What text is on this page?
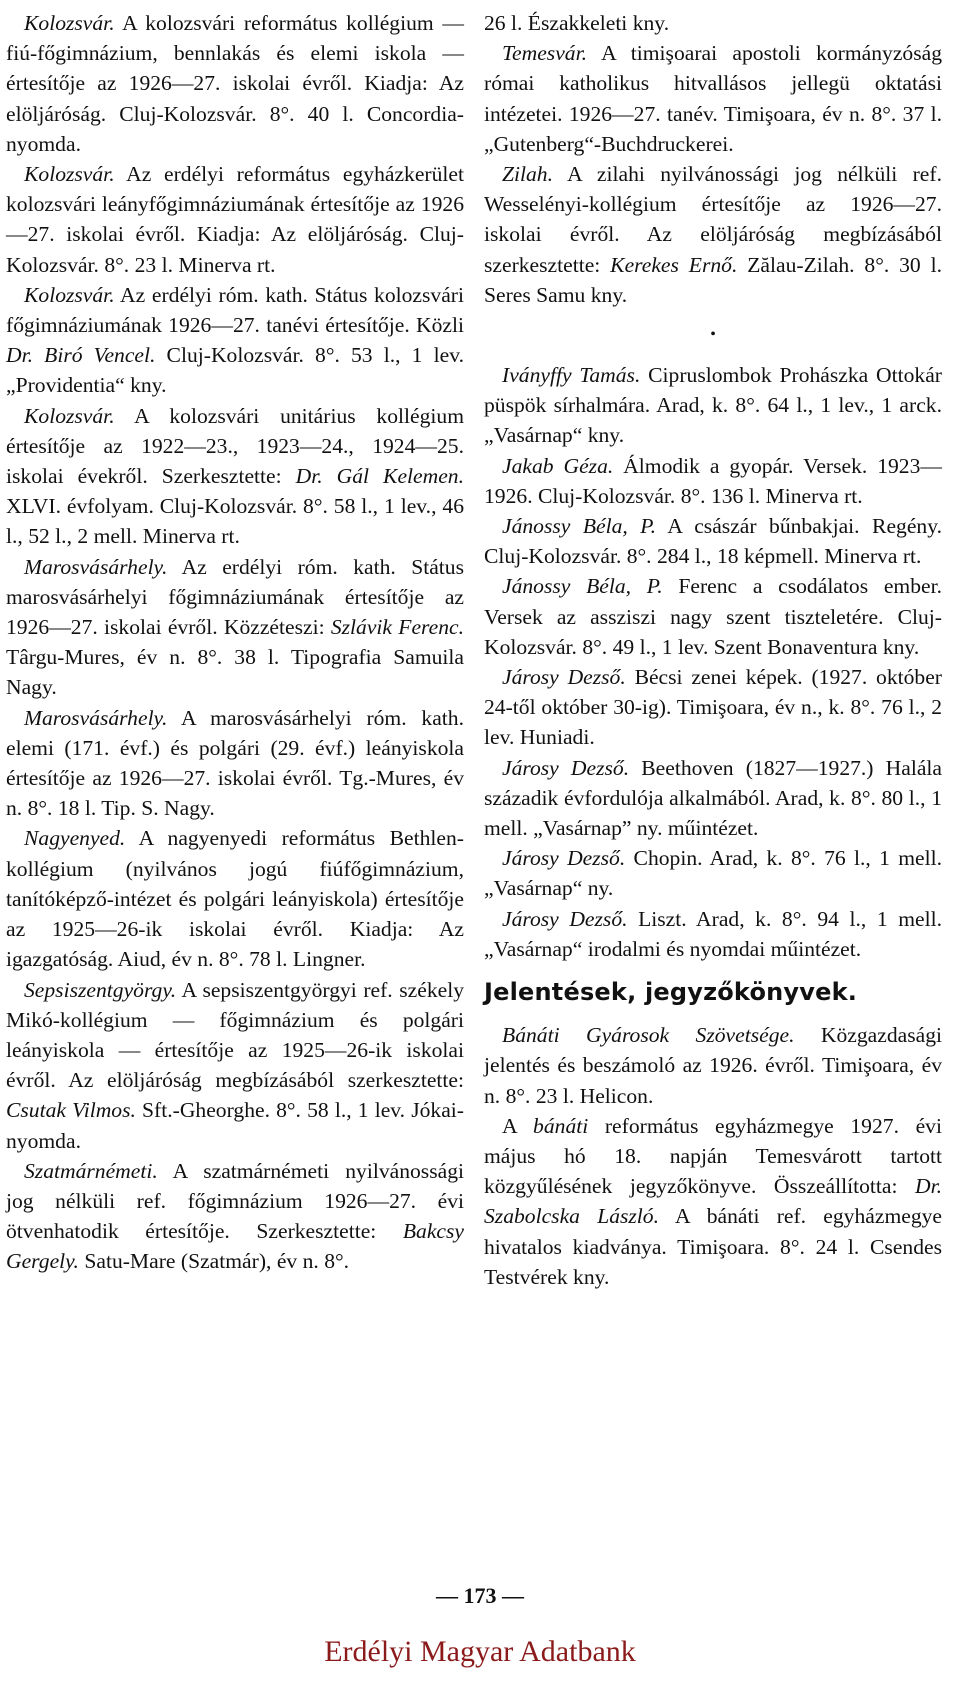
Kolozsvár. A kolozsvári református kollégium — fiú-főgimnázium, bennlakás és elemi iskola — értesítője az 1926—27. iskolai évről. Kiadja: Az elöljáróság. Cluj-Kolozsvár. 8°. 40 l. Concordia-nyomda.

Kolozsvár. Az erdélyi református egyházkerület kolozsvári leányfőgimnáziumának értesítője az 1926—27. iskolai évről. Kiadja: Az elöljáróság. Cluj-Kolozsvár. 8°. 23 l. Minerva rt.

Kolozsvár. Az erdélyi róm. kath. Státus kolozsvári főgimnáziumának 1926—27. tanévi értesítője. Közli Dr. Biró Vencel. Cluj-Kolozsvár. 8°. 53 l., 1 lev. „Providentia“ kny.

Kolozsvár. A kolozsvári unitárius kollégium értesítője az 1922—23., 1923—24., 1924—25. iskolai évekről. Szerkesztette: Dr. Gál Kelemen. XLVI. évfolyam. Cluj-Kolozsvár. 8°. 58 l., 1 lev., 46 l., 52 l., 2 mell. Minerva rt.

Marosvásárhely. Az erdélyi róm. kath. Státus marosvásárhelyi főgimnáziumának értesítője az 1926—27. iskolai évről. Közzéteszi: Szlávik Ferenc. Târgu-Mures, év n. 8°. 38 l. Tipografia Samuila Nagy.

Marosvásárhely. A marosvásárhelyi róm. kath. elemi (171. évf.) és polgári (29. évf.) leányiskola értesítője az 1926—27. iskolai évről. Tg.-Mures, év n. 8°. 18 l. Tip. S. Nagy.

Nagyenyed. A nagyenyedi református Bethlen-kollégium (nyilvános jogú fiúfőgimnázium, tanítóképző-intézet és polgári leányiskola) értesítője az 1925—26-ik iskolai évről. Kiadja: Az igazgatóság. Aiud, év n. 8°. 78 l. Lingner.

Sepsiszentgyörgy. A sepsiszentgyörgyi ref. székely Mikó-kollégium — főgimnázium és polgári leányiskola — értesítője az 1925—26-ik iskolai évről. Az elöljáróság megbízásából szerkesztette: Csutak Vilmos. Sft.-Gheorghe. 8°. 58 l., 1 lev. Jókai-nyomda.

Szatmárnémeti. A szatmárnémeti nyilvánossági jog nélküli ref. főgimnázium 1926—27. évi ötvenhatodik értesítője. Szerkesztette: Bakcsy Gergely. Satu-Mare (Szatmár), év n. 8°.

26 l. Északkeleti kny.

Temesvár. A timişoarai apostoli kormányzóság római katholikus hitvallásos jellegü oktatási intézetei. 1926—27. tanév. Timişoara, év n. 8°. 37 l. „Gutenberg“-Buchdruckerei.

Zilah. A zilahi nyilvánossági jog nélküli ref. Wesselényi-kollégium értesítője az 1926—27. iskolai évről. Az elöljáróság megbízásából szerkesztette: Kerekes Ernő. Zălau-Zilah. 8°. 30 l. Seres Samu kny.

•

Iványffy Tamás. Cipruslombok Prohászka Ottokár püspök sírhalmára. Arad, k. 8°. 64 l., 1 lev., 1 arck. „Vasárnap“ kny.

Jakab Géza. Álmodik a gyopár. Versek. 1923—1926. Cluj-Kolozsvár. 8°. 136 l. Minerva rt.

Jánossy Béla, P. A császár bűnbakjai. Regény. Cluj-Kolozsvár. 8°. 284 l., 18 képmell. Minerva rt.

Jánossy Béla, P. Ferenc a csodálatos ember. Versek az assziszi nagy szent tiszteletére. Cluj-Kolozsvár. 8°. 49 l., 1 lev. Szent Bonaventura kny.

Járosy Dezső. Bécsi zenei képek. (1927. október 24-től október 30-ig). Timişoara, év n., k. 8°. 76 l., 2 lev. Huniadi.

Járosy Dezső. Beethoven (1827—1927.) Halála századik évfordulója alkalmából. Arad, k. 8°. 80 l., 1 mell. „Vasárnap” ny. műintézet.

Járosy Dezső. Chopin. Arad, k. 8°. 76 l., 1 mell. „Vasárnap“ ny.

Járosy Dezső. Liszt. Arad, k. 8°. 94 l., 1 mell. „Vasárnap“ irodalmi és nyomdai műintézet.

Jelentések, jegyzőkönyvek.

Bánáti Gyárosok Szövetsége. Közgazdasági jelentés és beszámoló az 1926. évről. Timişoara, év n. 8°. 23 l. Helicon.

A bánáti református egyházmegye 1927. évi május hó 18. napján Temesvárott tartott közgyűlésének jegyzőkönyve. Összeállította: Dr. Szabolcska László. A bánáti ref. egyházmegye hivatalos kiadványa. Timişoara. 8°. 24 l. Csendes Testvérek kny.

— 173 —
Erdélyi Magyar Adatbank
